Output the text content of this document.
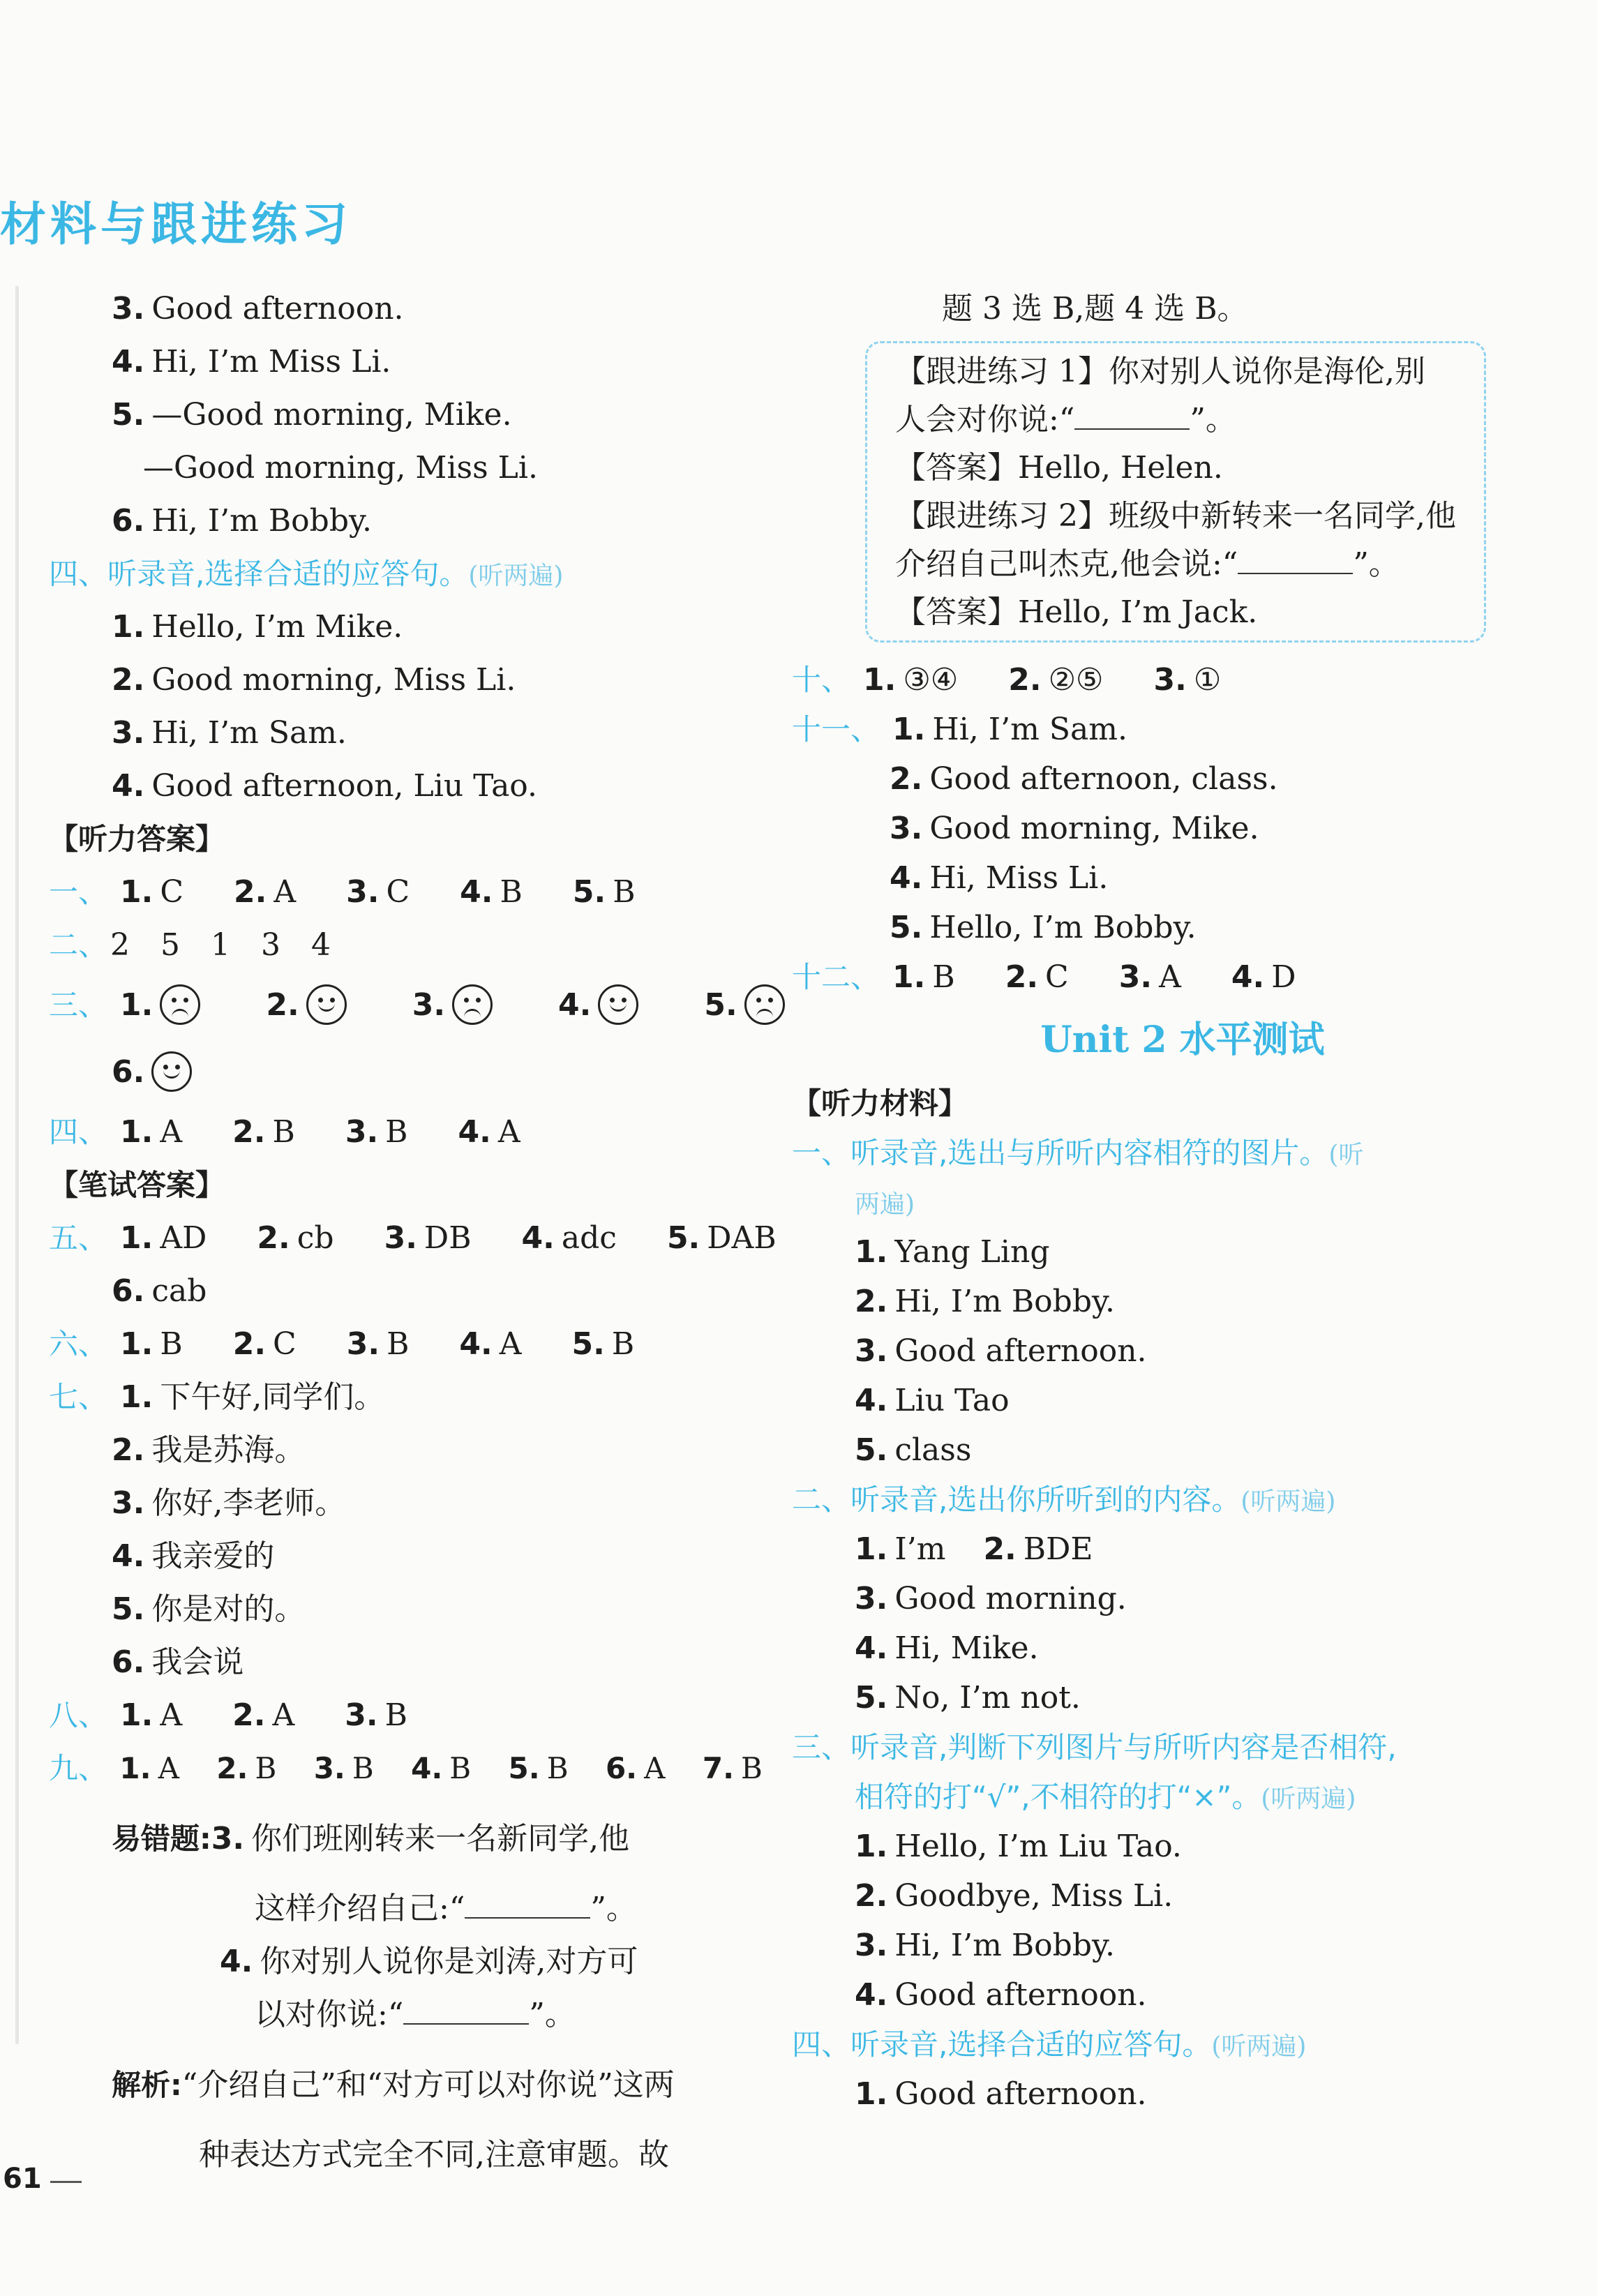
材料与跟进练习
3. Good afternoon.
4. Hi, I’m Miss Li.
5. —Good morning, Mike.
—Good morning, Miss Li.
6. Hi, I’m Bobby.
四、听录音,选择合适的应答句。(听两遍)
1. Hello, I’m Mike.
2. Good morning, Miss Li.
3. Hi, I’m Sam.
4. Good afternoon, Liu Tao.
【听力答案】
一、 1. C 2. A 3. C 4. B 5. B
二、2　5　1　3　4
三、 1.	2.	3.	4.	5.
6.
四、 1. A 2. B 3. B 4. A
【笔试答案】
五、 1. AD 2. cb 3. DB 4. adc 5. DAB
6. cab
六、 1. B 2. C 3. B 4. A 5. B
七、 1. 下午好,同学们。
2. 我是苏海。
3. 你好,李老师。
4. 我亲爱的
5. 你是对的。
6. 我会说
八、 1. A 2. A 3. B
九、 1. A 2. B 3. B 4. B 5. B 6. A 7. B
易错题:3. 你们班刚转来一名新同学,他
这样介绍自己:“	”。
4. 你对别人说你是刘涛,对方可
以对你说:“	”。
解析:“介绍自己”和“对方可以对你说”这两
种表达方式完全不同,注意审题。故
题 3 选 B,题 4 选 B。
【跟进练习 1】你对别人说你是海伦,别
人会对你说:“	”。
【答案】Hello, Helen.
【跟进练习 2】班级中新转来一名同学,他
介绍自己叫杰克,他会说:“	”。
【答案】Hello, I’m Jack.
十、 1. ③④ 2. ②⑤ 3. ①
十一、 1. Hi, I’m Sam.
2. Good afternoon, class.
3. Good morning, Mike.
4. Hi, Miss Li.
5. Hello, I’m Bobby.
十二、 1. B 2. C 3. A 4. D
Unit 2 水平测试
【听力材料】
一、听录音,选出与所听内容相符的图片。(听
两遍)
1. Yang Ling
2. Hi, I’m Bobby.
3. Good afternoon.
4. Liu Tao
5. class
二、听录音,选出你所听到的内容。(听两遍)
1. I’m 2. BDE
3. Good morning.
4. Hi, Mike.
5. No, I’m not.
三、听录音,判断下列图片与所听内容是否相符,
相符的打“√”,不相符的打“×”。(听两遍)
1. Hello, I’m Liu Tao.
2. Goodbye, Miss Li.
3. Hi, I’m Bobby.
4. Good afternoon.
四、听录音,选择合适的应答句。(听两遍)
1. Good afternoon.
61
